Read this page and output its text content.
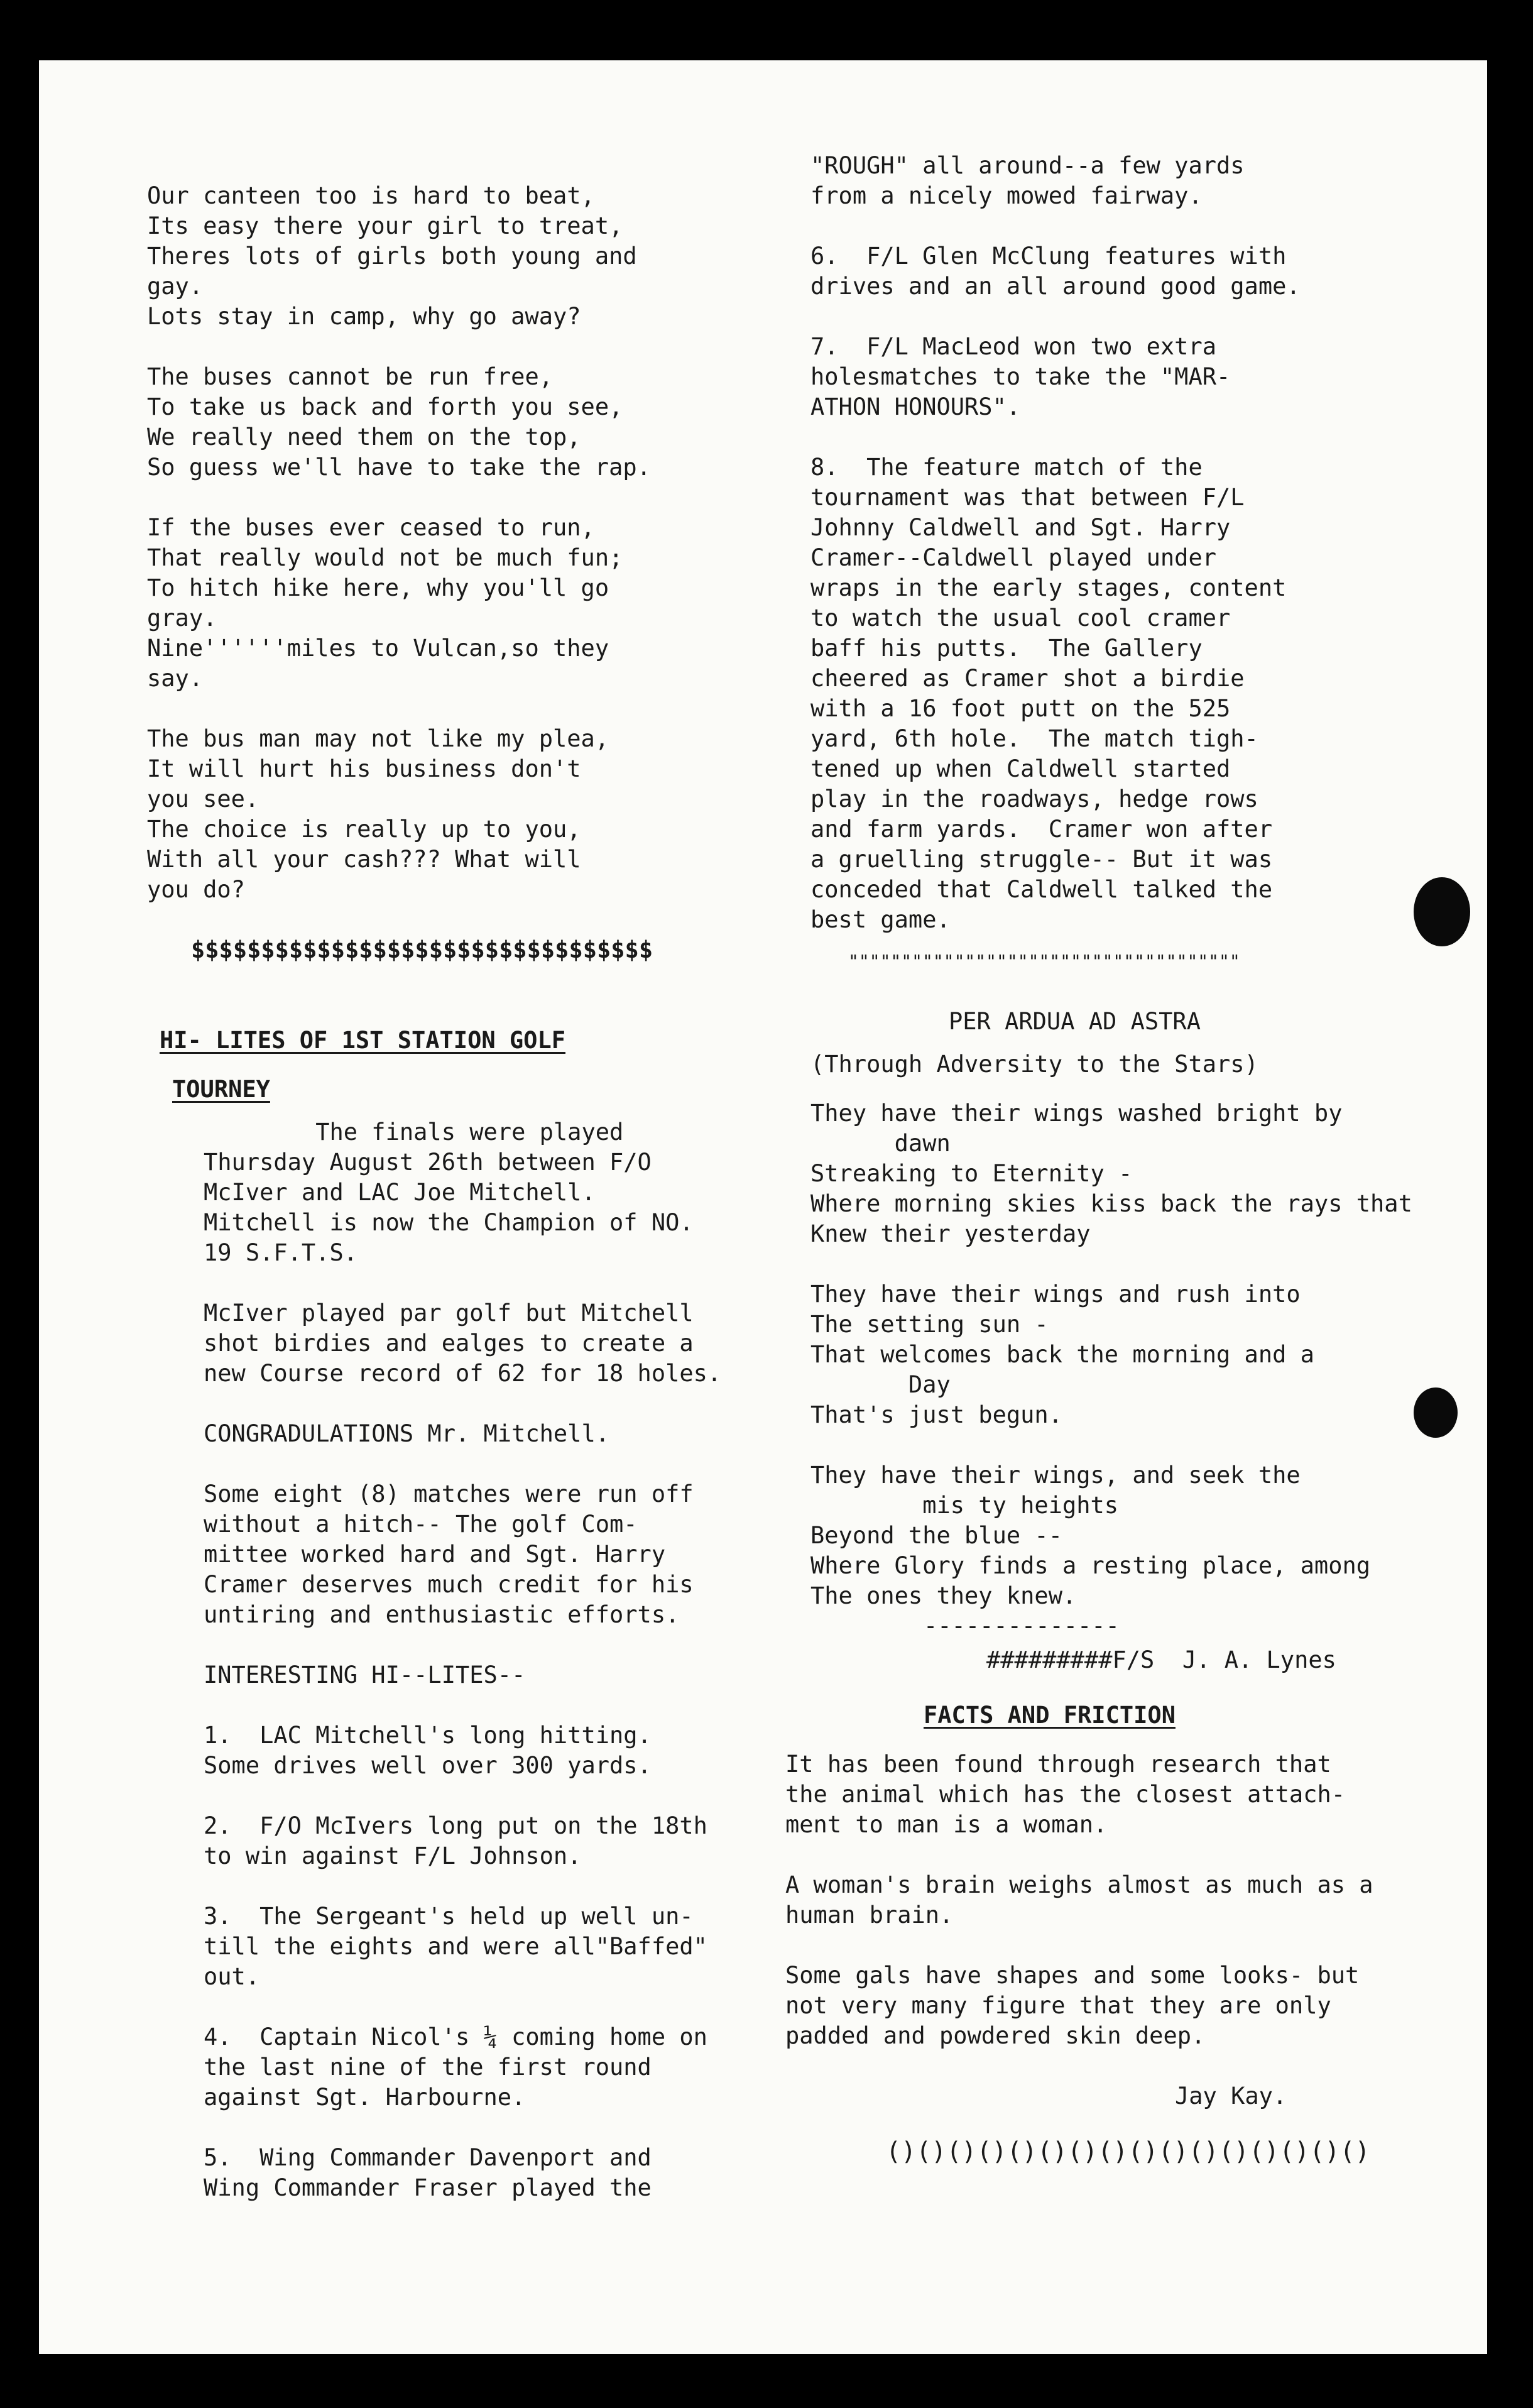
Our canteen too is hard to beat,
Its easy there your girl to treat,
Theres lots of girls both young and
gay.
Lots stay in camp, why go away?
The buses cannot be run free,
To take us back and forth you see,
We really need them on the top,
So guess we'll have to take the rap.
If the buses ever ceased to run,
That really would not be much fun;
To hitch hike here, why you'll go
gray.
Nine''''''miles to Vulcan,so they
say.
The bus man may not like my plea,
It will hurt his business don't
you see.
The choice is really up to you,
With all your cash??? What will
you do?
$$$$$$$$$$$$$$$$$$$$$$$$$$$$$$$$$
HI- LITES OF 1ST STATION GOLF
TOURNEY
The finals were played
Thursday August 26th between F/O
McIver and LAC Joe Mitchell.
Mitchell is now the Champion of NO.
19 S.F.T.S.
McIver played par golf but Mitchell
shot birdies and ealges to create a
new Course record of 62 for 18 holes.
CONGRADULATIONS Mr. Mitchell.
Some eight (8) matches were run off
without a hitch-- The golf Com-
mittee worked hard and Sgt. Harry
Cramer deserves much credit for his
untiring and enthusiastic efforts.
INTERESTING HI--LITES--
1.  LAC Mitchell's long hitting.
Some drives well over 300 yards.
2.  F/O McIvers long put on the 18th
to win against F/L Johnson.
3.  The Sergeant's held up well un-
till the eights and were all"Baffed"
out.
4.  Captain Nicol's ¼ coming home on
the last nine of the first round
against Sgt. Harbourne.
5.  Wing Commander Davenport and
Wing Commander Fraser played the
"ROUGH" all around--a few yards
from a nicely mowed fairway.
6.  F/L Glen McClung features with
drives and an all around good game.
7.  F/L MacLeod won two extra
holesmatches to take the "MAR-
ATHON HONOURS".
8.  The feature match of the
tournament was that between F/L
Johnny Caldwell and Sgt. Harry
Cramer--Caldwell played under
wraps in the early stages, content
to watch the usual cool cramer
baff his putts.  The Gallery
cheered as Cramer shot a birdie
with a 16 foot putt on the 525
yard, 6th hole.  The match tigh-
tened up when Caldwell started
play in the roadways, hedge rows
and farm yards.  Cramer won after
a gruelling struggle-- But it was
conceded that Caldwell talked the
best game.
"""""""""""""""""""""""""""""""""""""
PER ARDUA AD ASTRA
(Through Adversity to the Stars)
They have their wings washed bright by
dawn
Streaking to Eternity -
Where morning skies kiss back the rays that
Knew their yesterday
They have their wings and rush into
The setting sun -
That welcomes back the morning and a
Day
That's just begun.
They have their wings, and seek the
mis ty heights
Beyond the blue --
Where Glory finds a resting place, among
The ones they knew.
--------------
#########F/S  J. A. Lynes
FACTS AND FRICTION
It has been found through research that
the animal which has the closest attach-
ment to man is a woman.
A woman's brain weighs almost as much as a
human brain.
Some gals have shapes and some looks- but
not very many figure that they are only
padded and powdered skin deep.
Jay Kay.
()()()()()()()()()()()()()()()()
